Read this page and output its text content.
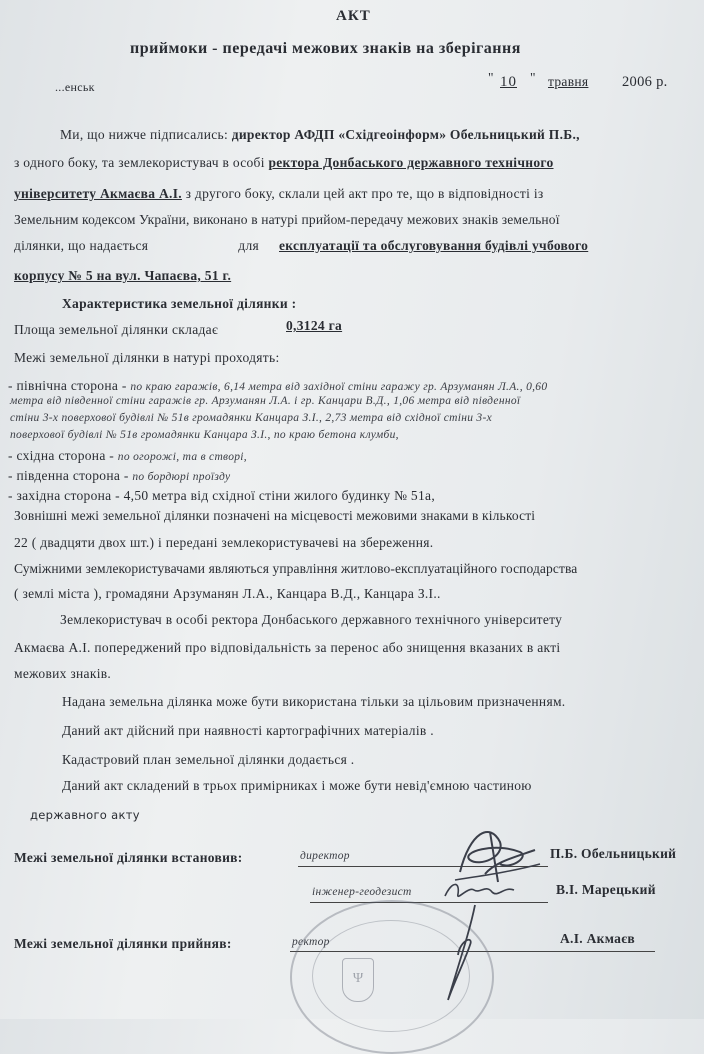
АКТ
приймоки - передачі межових знаків на зберігання
...енськ
" 10 " травня 2006 р.
Ми, що нижче підписались: директор АФДП «Східгеоінформ» Обельницький П.Б.,
з одного боку, та землекористувач в особі ректора Донбаського державного технічного
університету Акмаєва А.І. з другого боку, склали цей акт про те, що в відповідності із
Земельним кодексом України, виконано в натурі прийом-передачу межових знаків земельної
ділянки, що надається	для експлуатації та обслуговування будівлі учбового
корпусу № 5 на вул. Чапаєва, 51 г.
Характеристика земельної ділянки :
Площа земельної ділянки складає	0,3124 га
Межі земельної ділянки в натурі проходять:
- північна сторона - по краю гаражів, 6,14 метра від західної стіни гаражу гр. Арзуманян Л.А., 0,60
метра від південної стіни гаражів гр. Арзуманян Л.А. і гр. Канцари В.Д., 1,06 метра від південної
стіни 3-х поверхової будівлі № 51в громадянки Канцара З.І., 2,73 метра від східної стіни 3-х
поверхової будівлі № 51в громадянки Канцара З.І., по краю бетона клумби,
- східна сторона - по огорожі, та в створі,
- південна сторона - по бордюрі проїзду
- західна сторона - 4,50 метра від східної стіни жилого будинку № 51а,
Зовнішні межі земельної ділянки позначені на місцевості межовими знаками в кількості
22 ( двадцяти двох шт.) і передані землекористувачеві на збереження.
Суміжними землекористувачами являються управління житлово-експлуатаційного господарства
( землі міста ), громадяни Арзуманян Л.А., Канцара В.Д., Канцара З.І..
Землекористувач в особі ректора Донбаського державного технічного університету
Акмаєва А.І. попереджений про відповідальність за перенос або знищення вказаних в акті
межових знаків.
Надана земельна ділянка може бути використана тільки за цільовим призначенням.
Даний акт дійсний при наявності картографічних матеріалів .
Кадастровий план земельної ділянки додається .
Даний акт складений в трьох примірниках і може бути невід'ємною частиною
державного акту
Межі земельної ділянки встановив:	директор	П.Б. Обельницький
інженер-геодезист	В.І. Марецький
Межі земельної ділянки прийняв:	ректор	А.І. Акмаєв
Ψ
